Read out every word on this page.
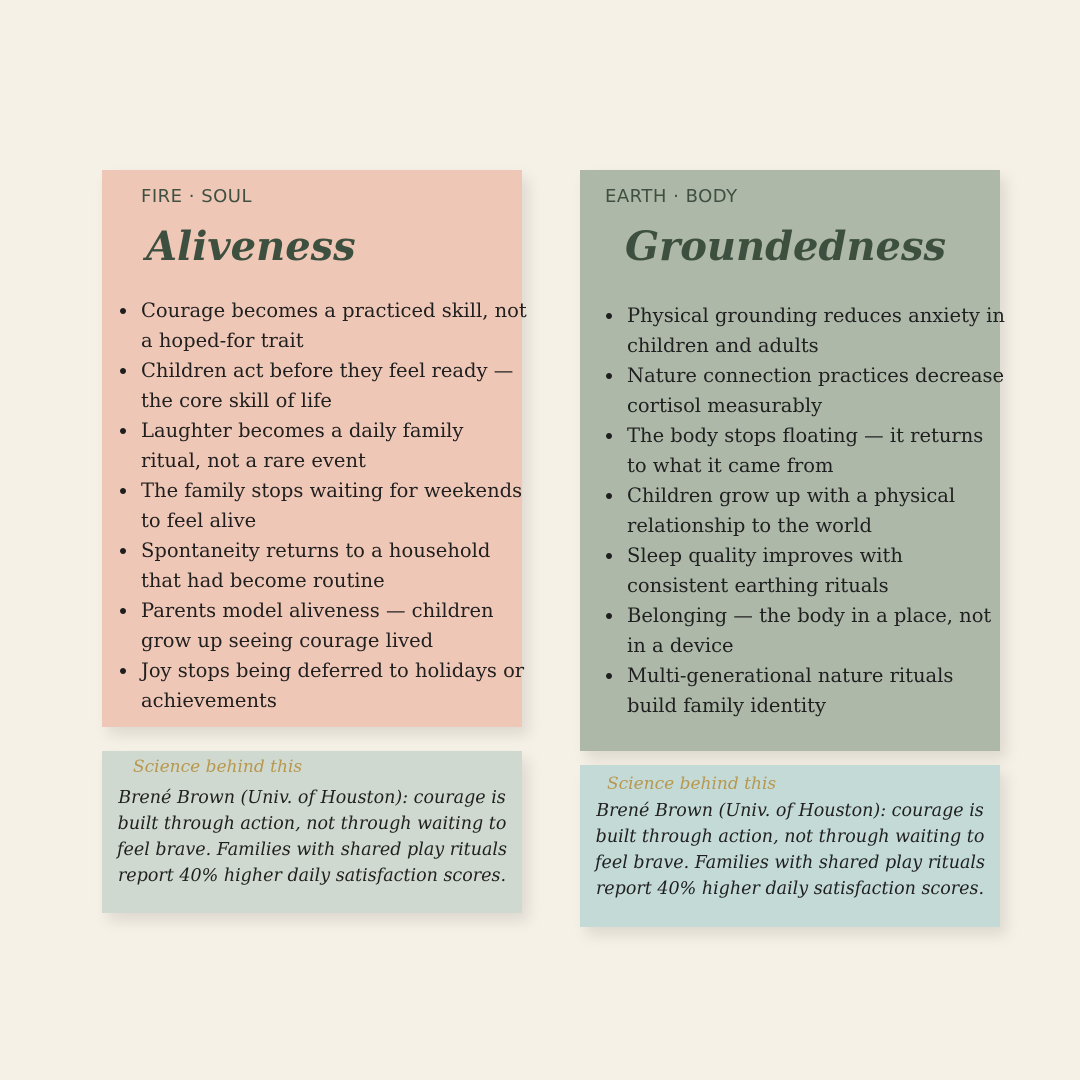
FIRE · SOUL
Aliveness
• Courage becomes a practiced skill, not a hoped-for trait
• Children act before they feel ready — the core skill of life
• Laughter becomes a daily family ritual, not a rare event
• The family stops waiting for weekends to feel alive
• Spontaneity returns to a household that had become routine
• Parents model aliveness — children grow up seeing courage lived
• Joy stops being deferred to holidays or achievements
EARTH · BODY
Groundedness
• Physical grounding reduces anxiety in children and adults
• Nature connection practices decrease cortisol measurably
• The body stops floating — it returns to what it came from
• Children grow up with a physical relationship to the world
• Sleep quality improves with consistent earthing rituals
• Belonging — the body in a place, not in a device
• Multi-generational nature rituals build family identity
Science behind this
Brené Brown (Univ. of Houston): courage is built through action, not through waiting to feel brave. Families with shared play rituals report 40% higher daily satisfaction scores.
Science behind this
Brené Brown (Univ. of Houston): courage is built through action, not through waiting to feel brave. Families with shared play rituals report 40% higher daily satisfaction scores.
